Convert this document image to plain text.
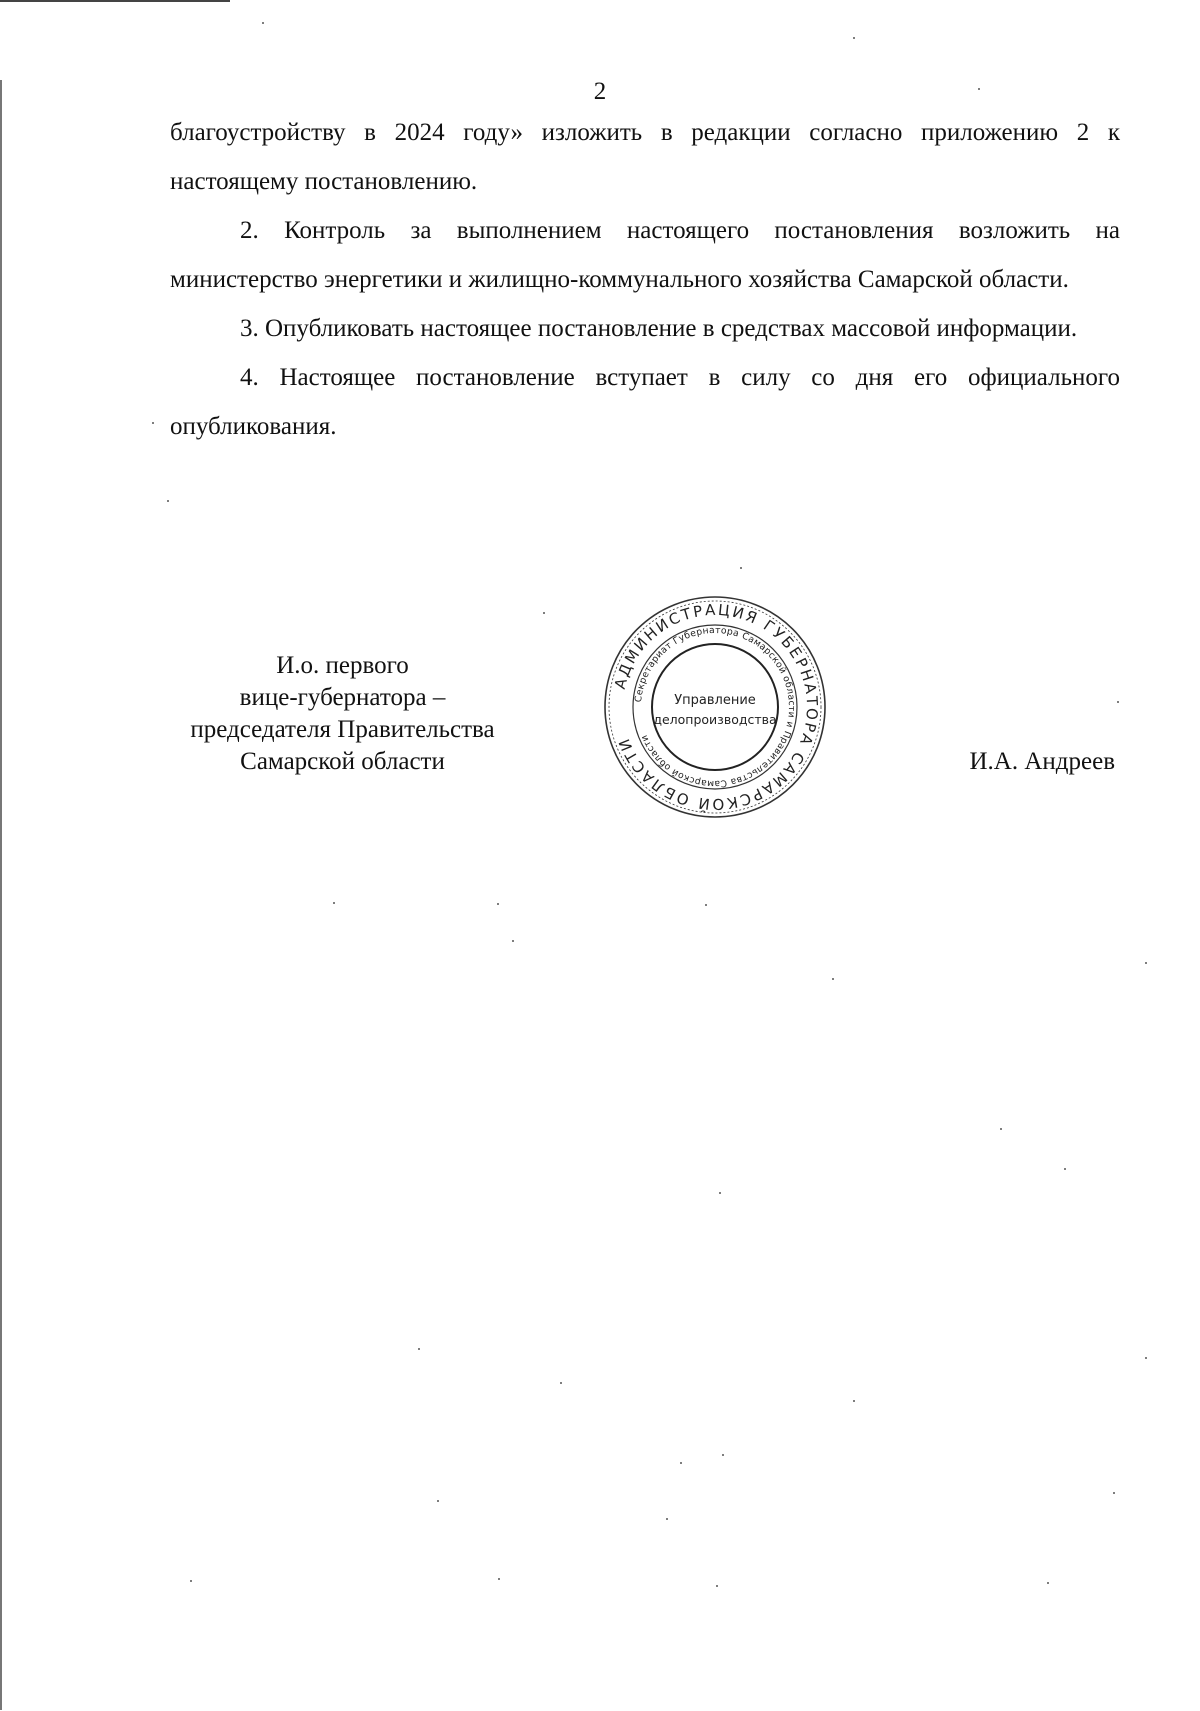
2

благоустройству в 2024 году» изложить в редакции согласно приложению 2 к настоящему постановлению.

2. Контроль за выполнением настоящего постановления возложить на министерство энергетики и жилищно-коммунального хозяйства Самарской области.

3. Опубликовать настоящее постановление в средствах массовой информации.

4. Настоящее постановление вступает в силу со дня его официального опубликования.

И.о. первого
вице-губернатора –
председателя Правительства
Самарской области	И.А. Андреев
АДМИНИСТРАЦИЯ ГУБЕРНАТОРА САМАРСКОЙ ОБЛАСТИ
Секретариат Губернатора Самарской области и Правительства Самарской области
Управление
делопроизводства
